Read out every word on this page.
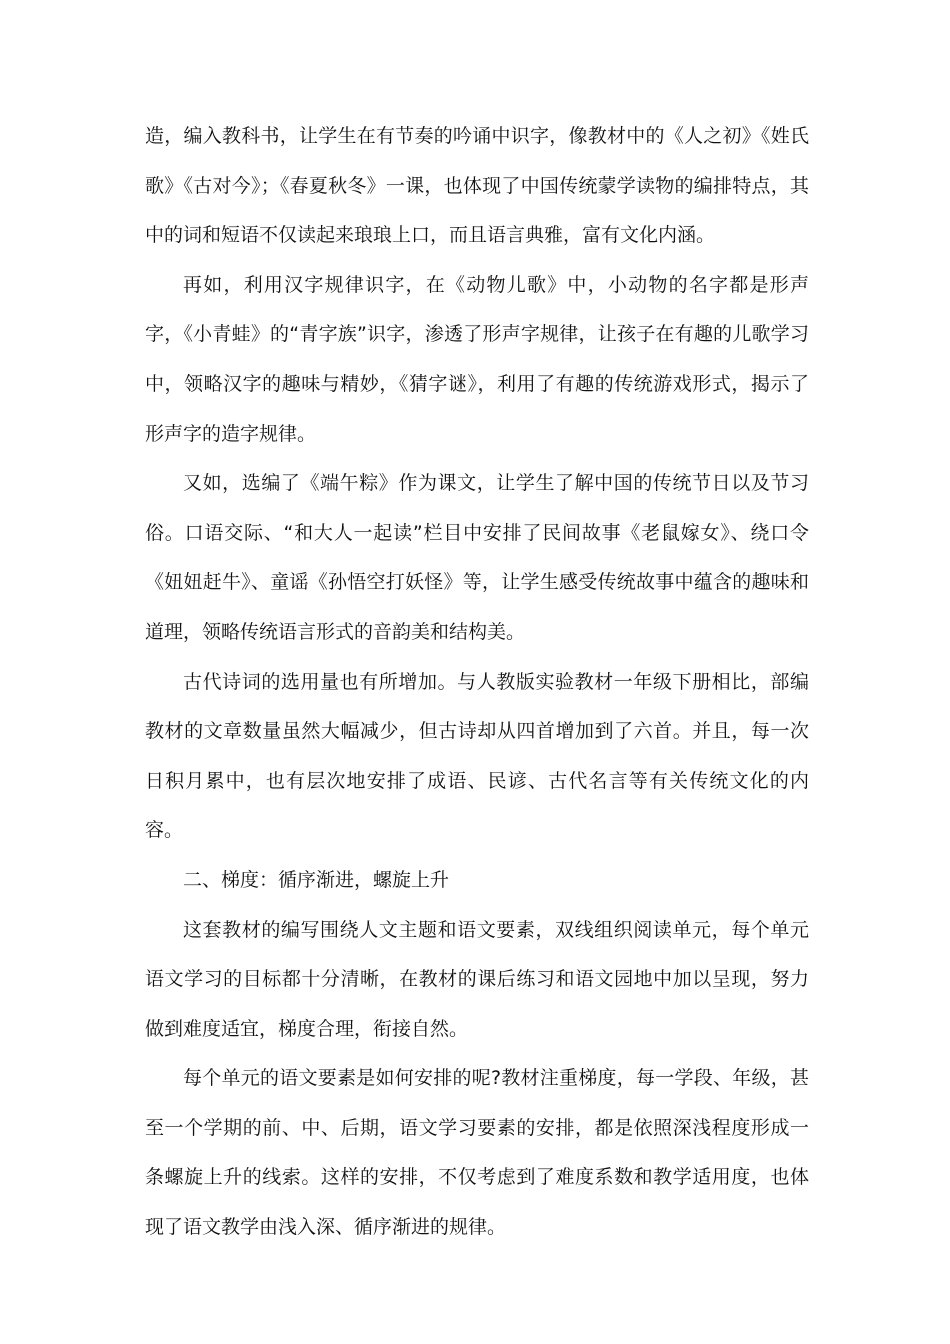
造，编入教科书，让学生在有节奏的吟诵中识字，像教材中的《人之初》《姓氏歌》《古对今》；《春夏秋冬》一课，也体现了中国传统蒙学读物的编排特点，其中的词和短语不仅读起来琅琅上口，而且语言典雅，富有文化内涵。

再如，利用汉字规律识字，在《动物儿歌》中，小动物的名字都是形声字，《小青蛙》的“青字族”识字，渗透了形声字规律，让孩子在有趣的儿歌学习中，领略汉字的趣味与精妙，《猜字谜》，利用了有趣的传统游戏形式，揭示了形声字的造字规律。

又如，选编了《端午粽》作为课文，让学生了解中国的传统节日以及节习俗。口语交际、“和大人一起读”栏目中安排了民间故事《老鼠嫁女》、绕口令《妞妞赶牛》、童谣《孙悟空打妖怪》等，让学生感受传统故事中蕴含的趣味和道理，领略传统语言形式的音韵美和结构美。

古代诗词的选用量也有所增加。与人教版实验教材一年级下册相比，部编教材的文章数量虽然大幅减少，但古诗却从四首增加到了六首。并且，每一次日积月累中，也有层次地安排了成语、民谚、古代名言等有关传统文化的内容。

二、梯度：循序渐进，螺旋上升

这套教材的编写围绕人文主题和语文要素，双线组织阅读单元，每个单元语文学习的目标都十分清晰，在教材的课后练习和语文园地中加以呈现，努力做到难度适宜，梯度合理，衔接自然。

每个单元的语文要素是如何安排的呢?教材注重梯度，每一学段、年级，甚至一个学期的前、中、后期，语文学习要素的安排，都是依照深浅程度形成一条螺旋上升的线索。这样的安排，不仅考虑到了难度系数和教学适用度，也体现了语文教学由浅入深、循序渐进的规律。
